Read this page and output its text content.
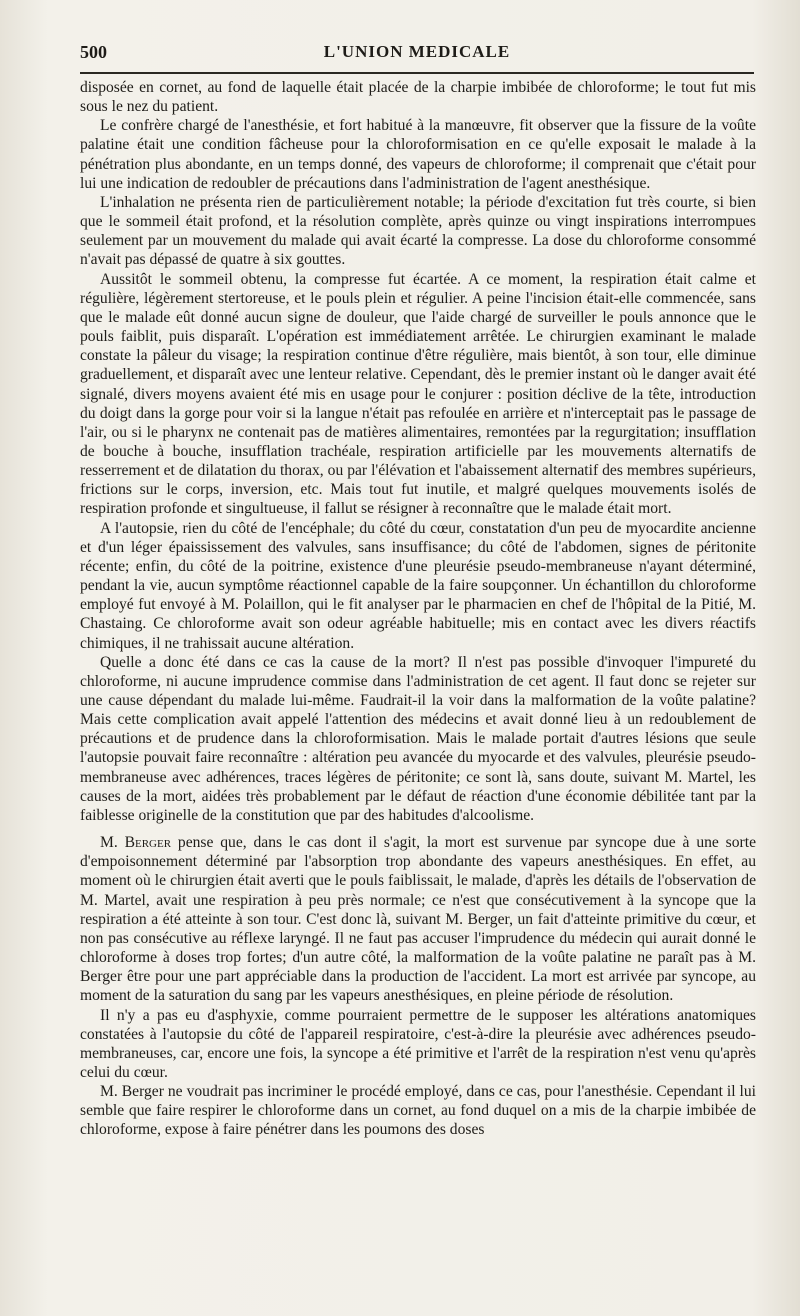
500	L'UNION MEDICALE

disposée en cornet, au fond de laquelle était placée de la charpie imbibée de chloroforme; le tout fut mis sous le nez du patient.

Le confrère chargé de l'anesthésie, et fort habitué à la manœuvre, fit observer que la fissure de la voûte palatine était une condition fâcheuse pour la chloroformisation en ce qu'elle exposait le malade à la pénétration plus abondante, en un temps donné, des vapeurs de chloroforme; il comprenait que c'était pour lui une indication de redoubler de précautions dans l'administration de l'agent anesthésique.

L'inhalation ne présenta rien de particulièrement notable; la période d'excitation fut très courte, si bien que le sommeil était profond, et la résolution complète, après quinze ou vingt inspirations interrompues seulement par un mouvement du malade qui avait écarté la compresse. La dose du chloroforme consommé n'avait pas dépassé de quatre à six gouttes.

Aussitôt le sommeil obtenu, la compresse fut écartée. A ce moment, la respiration était calme et régulière, légèrement stertoreuse, et le pouls plein et régulier. A peine l'incision était-elle commencée, sans que le malade eût donné aucun signe de douleur, que l'aide chargé de surveiller le pouls annonce que le pouls faiblit, puis disparaît. L'opération est immédiatement arrêtée. Le chirurgien examinant le malade constate la pâleur du visage; la respiration continue d'être régulière, mais bientôt, à son tour, elle diminue graduellement, et disparaît avec une lenteur relative. Cependant, dès le premier instant où le danger avait été signalé, divers moyens avaient été mis en usage pour le conjurer : position déclive de la tête, introduction du doigt dans la gorge pour voir si la langue n'était pas refoulée en arrière et n'interceptait pas le passage de l'air, ou si le pharynx ne contenait pas de matières alimentaires, remontées par la regurgitation; insufflation de bouche à bouche, insufflation trachéale, respiration artificielle par les mouvements alternatifs de resserrement et de dilatation du thorax, ou par l'élévation et l'abaissement alternatif des membres supérieurs, frictions sur le corps, inversion, etc. Mais tout fut inutile, et malgré quelques mouvements isolés de respiration profonde et singultueuse, il fallut se résigner à reconnaître que le malade était mort.

A l'autopsie, rien du côté de l'encéphale; du côté du cœur, constatation d'un peu de myocardite ancienne et d'un léger épaississement des valvules, sans insuffisance; du côté de l'abdomen, signes de péritonite récente; enfin, du côté de la poitrine, existence d'une pleurésie pseudo-membraneuse n'ayant déterminé, pendant la vie, aucun symptôme réactionnel capable de la faire soupçonner. Un échantillon du chloroforme employé fut envoyé à M. Polaillon, qui le fit analyser par le pharmacien en chef de l'hôpital de la Pitié, M. Chastaing. Ce chloroforme avait son odeur agréable habituelle; mis en contact avec les divers réactifs chimiques, il ne trahissait aucune altération.

Quelle a donc été dans ce cas la cause de la mort? Il n'est pas possible d'invoquer l'impureté du chloroforme, ni aucune imprudence commise dans l'administration de cet agent. Il faut donc se rejeter sur une cause dépendant du malade lui-même. Faudrait-il la voir dans la malformation de la voûte palatine? Mais cette complication avait appelé l'attention des médecins et avait donné lieu à un redoublement de précautions et de prudence dans la chloroformisation. Mais le malade portait d'autres lésions que seule l'autopsie pouvait faire reconnaître : altération peu avancée du myocarde et des valvules, pleurésie pseudo-membraneuse avec adhérences, traces légères de péritonite; ce sont là, sans doute, suivant M. Martel, les causes de la mort, aidées très probablement par le défaut de réaction d'une économie débilitée tant par la faiblesse originelle de la constitution que par des habitudes d'alcoolisme.

M. Berger pense que, dans le cas dont il s'agit, la mort est survenue par syncope due à une sorte d'empoisonnement déterminé par l'absorption trop abondante des vapeurs anesthésiques. En effet, au moment où le chirurgien était averti que le pouls faiblissait, le malade, d'après les détails de l'observation de M. Martel, avait une respiration à peu près normale; ce n'est que consécutivement à la syncope que la respiration a été atteinte à son tour. C'est donc là, suivant M. Berger, un fait d'atteinte primitive du cœur, et non pas consécutive au réflexe laryngé. Il ne faut pas accuser l'imprudence du médecin qui aurait donné le chloroforme à doses trop fortes; d'un autre côté, la malformation de la voûte palatine ne paraît pas à M. Berger être pour une part appréciable dans la production de l'accident. La mort est arrivée par syncope, au moment de la saturation du sang par les vapeurs anesthésiques, en pleine période de résolution.

Il n'y a pas eu d'asphyxie, comme pourraient permettre de le supposer les altérations anatomiques constatées à l'autopsie du côté de l'appareil respiratoire, c'est-à-dire la pleurésie avec adhérences pseudo-membraneuses, car, encore une fois, la syncope a été primitive et l'arrêt de la respiration n'est venu qu'après celui du cœur.

M. Berger ne voudrait pas incriminer le procédé employé, dans ce cas, pour l'anesthésie. Cependant il lui semble que faire respirer le chloroforme dans un cornet, au fond duquel on a mis de la charpie imbibée de chloroforme, expose à faire pénétrer dans les poumons des doses
